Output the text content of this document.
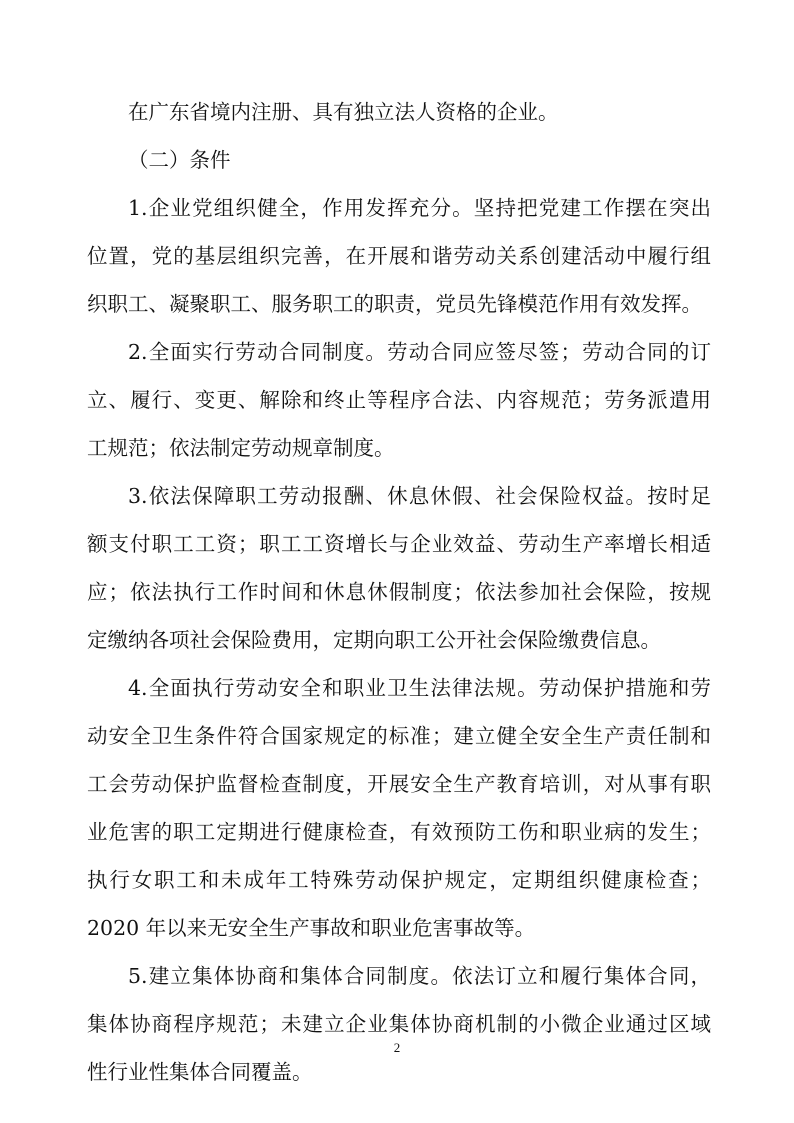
在广东省境内注册、具有独立法人资格的企业。
（二）条件
1.企业党组织健全，作用发挥充分。坚持把党建工作摆在突出
位置，党的基层组织完善，在开展和谐劳动关系创建活动中履行组
织职工、凝聚职工、服务职工的职责，党员先锋模范作用有效发挥。
2.全面实行劳动合同制度。劳动合同应签尽签；劳动合同的订
立、履行、变更、解除和终止等程序合法、内容规范；劳务派遣用
工规范；依法制定劳动规章制度。
3.依法保障职工劳动报酬、休息休假、社会保险权益。按时足
额支付职工工资；职工工资增长与企业效益、劳动生产率增长相适
应；依法执行工作时间和休息休假制度；依法参加社会保险，按规
定缴纳各项社会保险费用，定期向职工公开社会保险缴费信息。
4.全面执行劳动安全和职业卫生法律法规。劳动保护措施和劳
动安全卫生条件符合国家规定的标准；建立健全安全生产责任制和
工会劳动保护监督检查制度，开展安全生产教育培训，对从事有职
业危害的职工定期进行健康检查，有效预防工伤和职业病的发生；
执行女职工和未成年工特殊劳动保护规定，定期组织健康检查；
2020 年以来无安全生产事故和职业危害事故等。
5.建立集体协商和集体合同制度。依法订立和履行集体合同，
集体协商程序规范；未建立企业集体协商机制的小微企业通过区域
性行业性集体合同覆盖。
2
